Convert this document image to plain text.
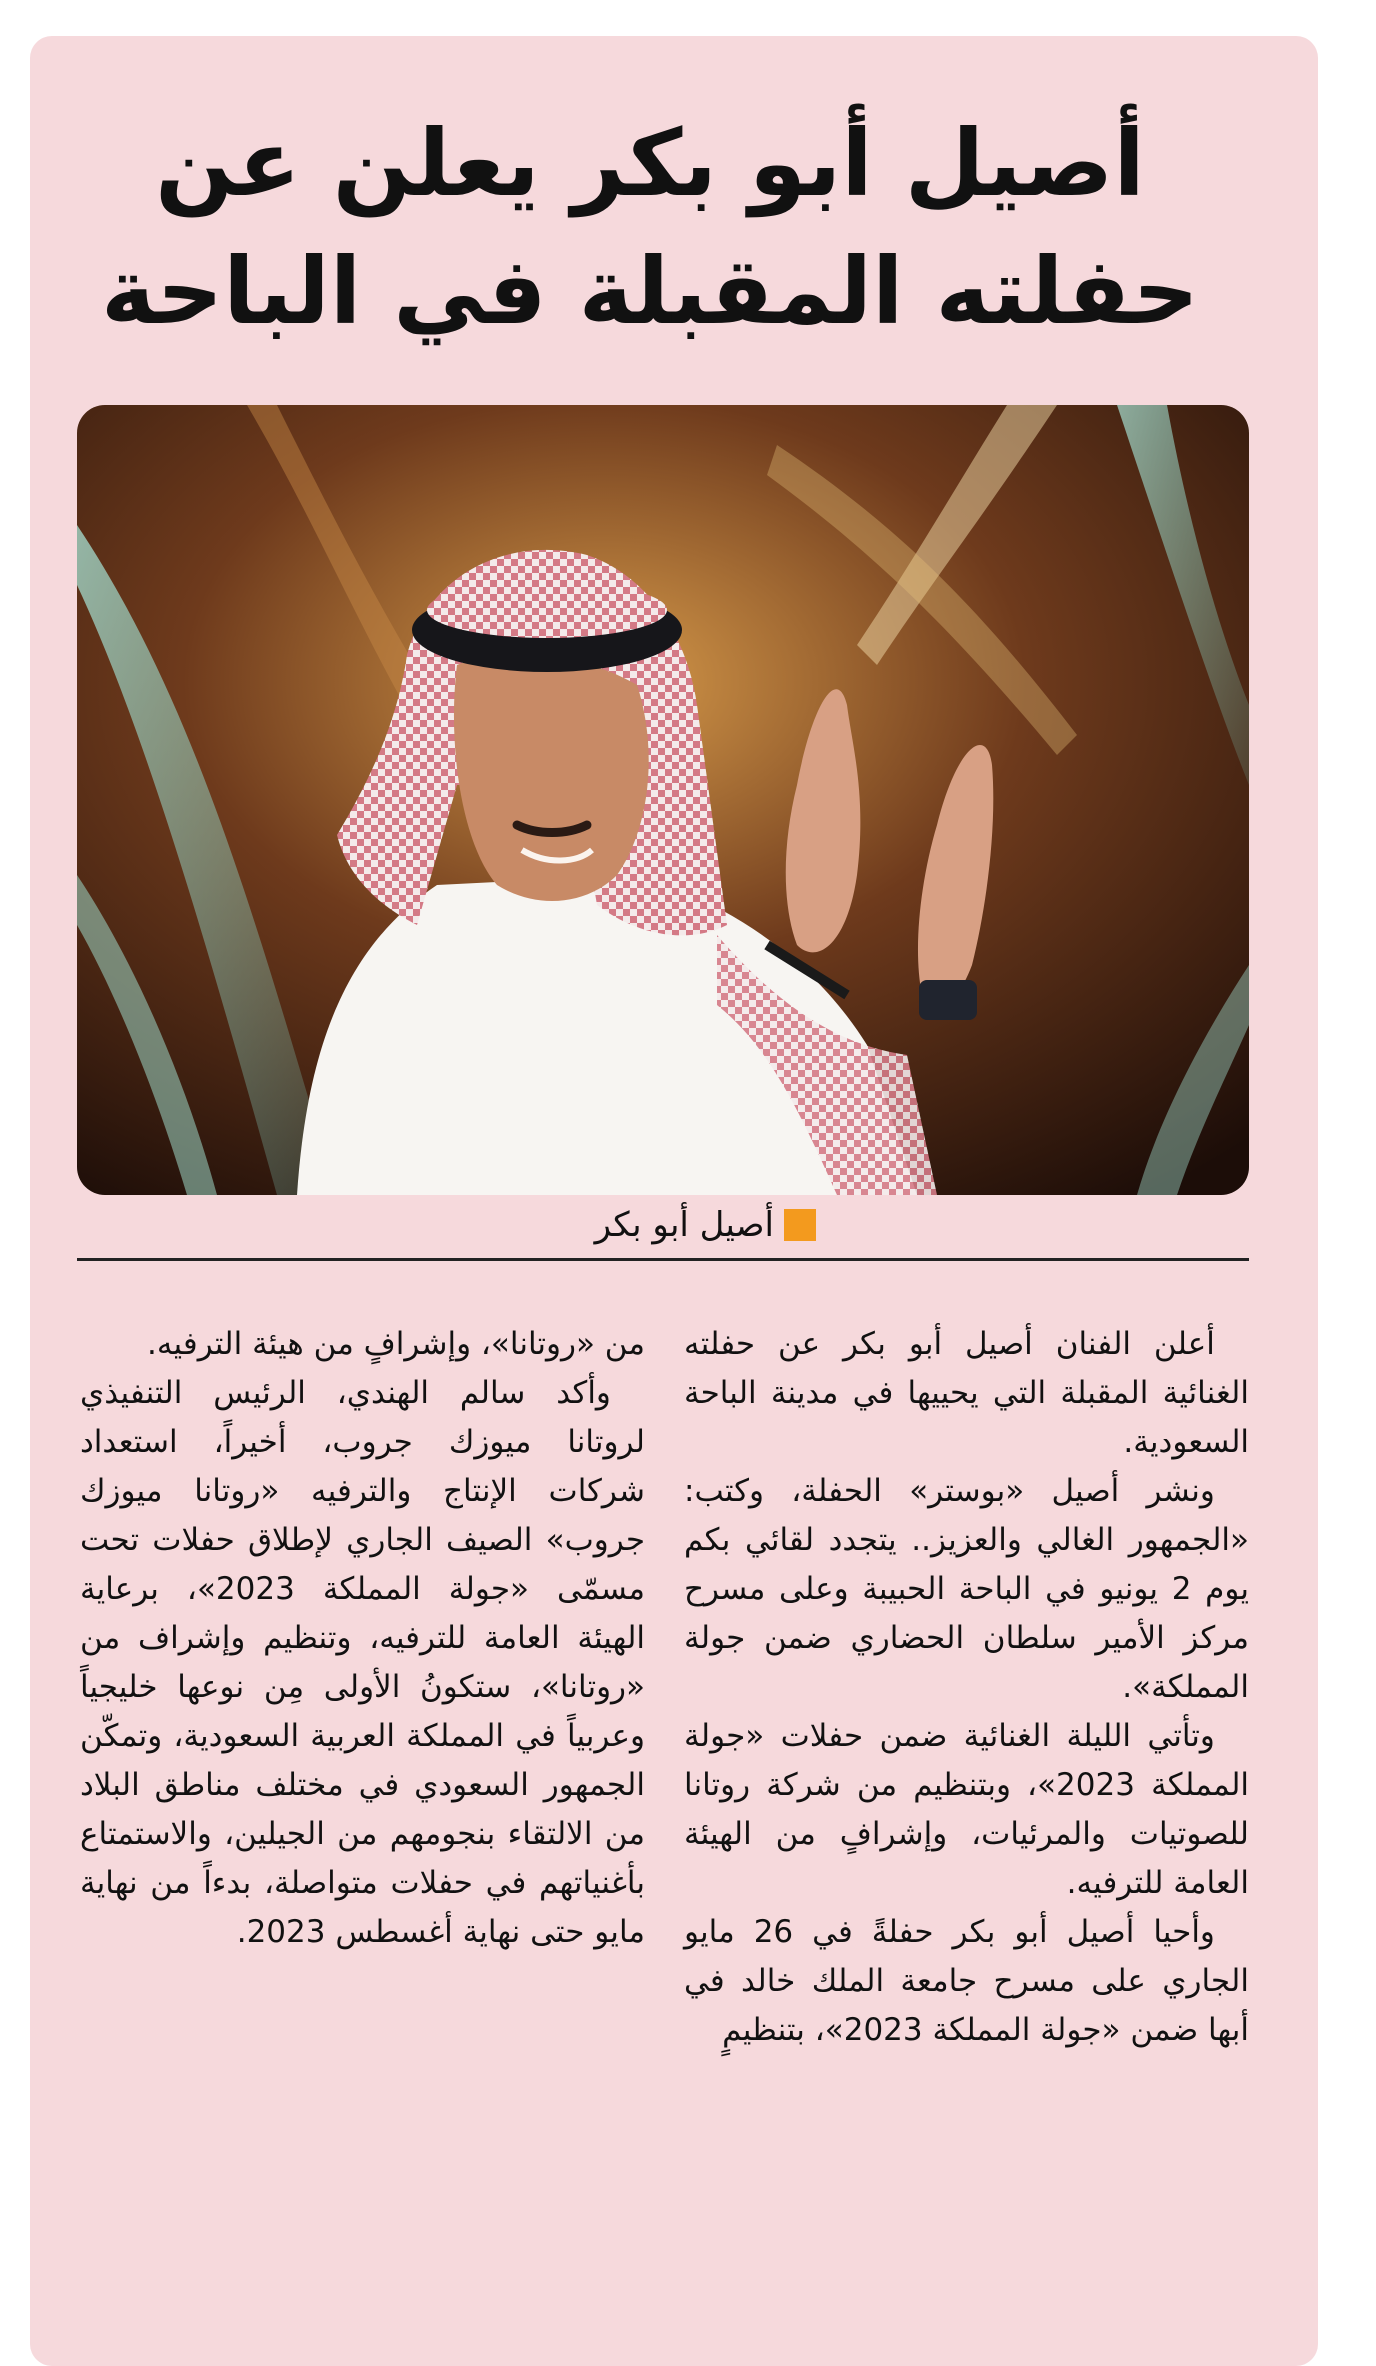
أصيل أبو بكر يعلن عن حفلته المقبلة في الباحة
أصيل أبو بكر

أعلن الفنان أصيل أبو بكر عن حفلته الغنائية المقبلة التي يحييها في مدينة الباحة السعودية.

ونشر أصيل «بوستر» الحفلة، وكتب: «الجمهور الغالي والعزيز.. يتجدد لقائي بكم يوم 2 يونيو في الباحة الحبيبة وعلى مسرح مركز الأمير سلطان الحضاري ضمن جولة المملكة».

وتأتي الليلة الغنائية ضمن حفلات «جولة المملكة 2023»، وبتنظيم من شركة روتانا للصوتيات والمرئيات، وإشرافٍ من الهيئة العامة للترفيه.

وأحيا أصيل أبو بكر حفلةً في 26 مايو الجاري على مسرح جامعة الملك خالد في أبها ضمن «جولة المملكة 2023»، بتنظيمٍ

من «روتانا»، وإشرافٍ من هيئة الترفيه.

وأكد سالم الهندي، الرئيس التنفيذي لروتانا ميوزك جروب، أخيراً، استعداد شركات الإنتاج والترفيه «روتانا ميوزك جروب» الصيف الجاري لإطلاق حفلات تحت مسمّى «جولة المملكة 2023»، برعاية الهيئة العامة للترفيه، وتنظيم وإشراف من «روتانا»، ستكونُ الأولى مِن نوعها خليجياً وعربياً في المملكة العربية السعودية، وتمكّن الجمهور السعودي في مختلف مناطق البلاد من الالتقاء بنجومهم من الجيلين، والاستمتاع بأغنياتهم في حفلات متواصلة، بدءاً من نهاية مايو حتى نهاية أغسطس 2023.
